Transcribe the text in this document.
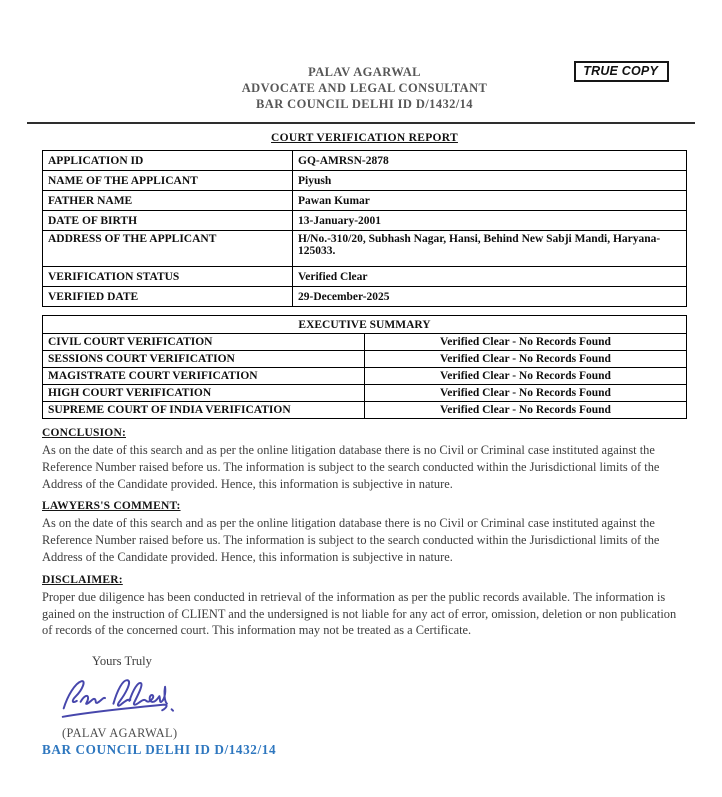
PALAV AGARWAL
ADVOCATE AND LEGAL CONSULTANT
BAR COUNCIL DELHI ID D/1432/14
TRUE COPY
COURT VERIFICATION REPORT
APPLICATION ID	GQ-AMRSN-2878
NAME OF THE APPLICANT	Piyush
FATHER NAME	Pawan Kumar
DATE OF BIRTH	13-January-2001
ADDRESS OF THE APPLICANT	H/No.-310/20, Subhash Nagar, Hansi, Behind New Sabji Mandi, Haryana-125033.
VERIFICATION STATUS	Verified Clear
VERIFIED DATE	29-December-2025
EXECUTIVE SUMMARY	
CIVIL COURT VERIFICATION	Verified Clear - No Records Found
SESSIONS COURT VERIFICATION	Verified Clear - No Records Found
MAGISTRATE COURT VERIFICATION	Verified Clear - No Records Found
HIGH COURT VERIFICATION	Verified Clear - No Records Found
SUPREME COURT OF INDIA VERIFICATION	Verified Clear - No Records Found
CONCLUSION:

As on the date of this search and as per the online litigation database there is no Civil or Criminal case instituted against the Reference Number raised before us. The information is subject to the search conducted within the Jurisdictional limits of the Address of the Candidate provided. Hence, this information is subjective in nature.

LAWYERS'S COMMENT:

As on the date of this search and as per the online litigation database there is no Civil or Criminal case instituted against the Reference Number raised before us. The information is subject to the search conducted within the Jurisdictional limits of the Address of the Candidate provided. Hence, this information is subjective in nature.

DISCLAIMER:

Proper due diligence has been conducted in retrieval of the information as per the public records available. The information is gained on the instruction of CLIENT and the undersigned is not liable for any act of error, omission, deletion or non publication of records of the concerned court. This information may not be treated as a Certificate.

Yours Truly
(PALAV AGARWAL)
BAR COUNCIL DELHI ID D/1432/14
